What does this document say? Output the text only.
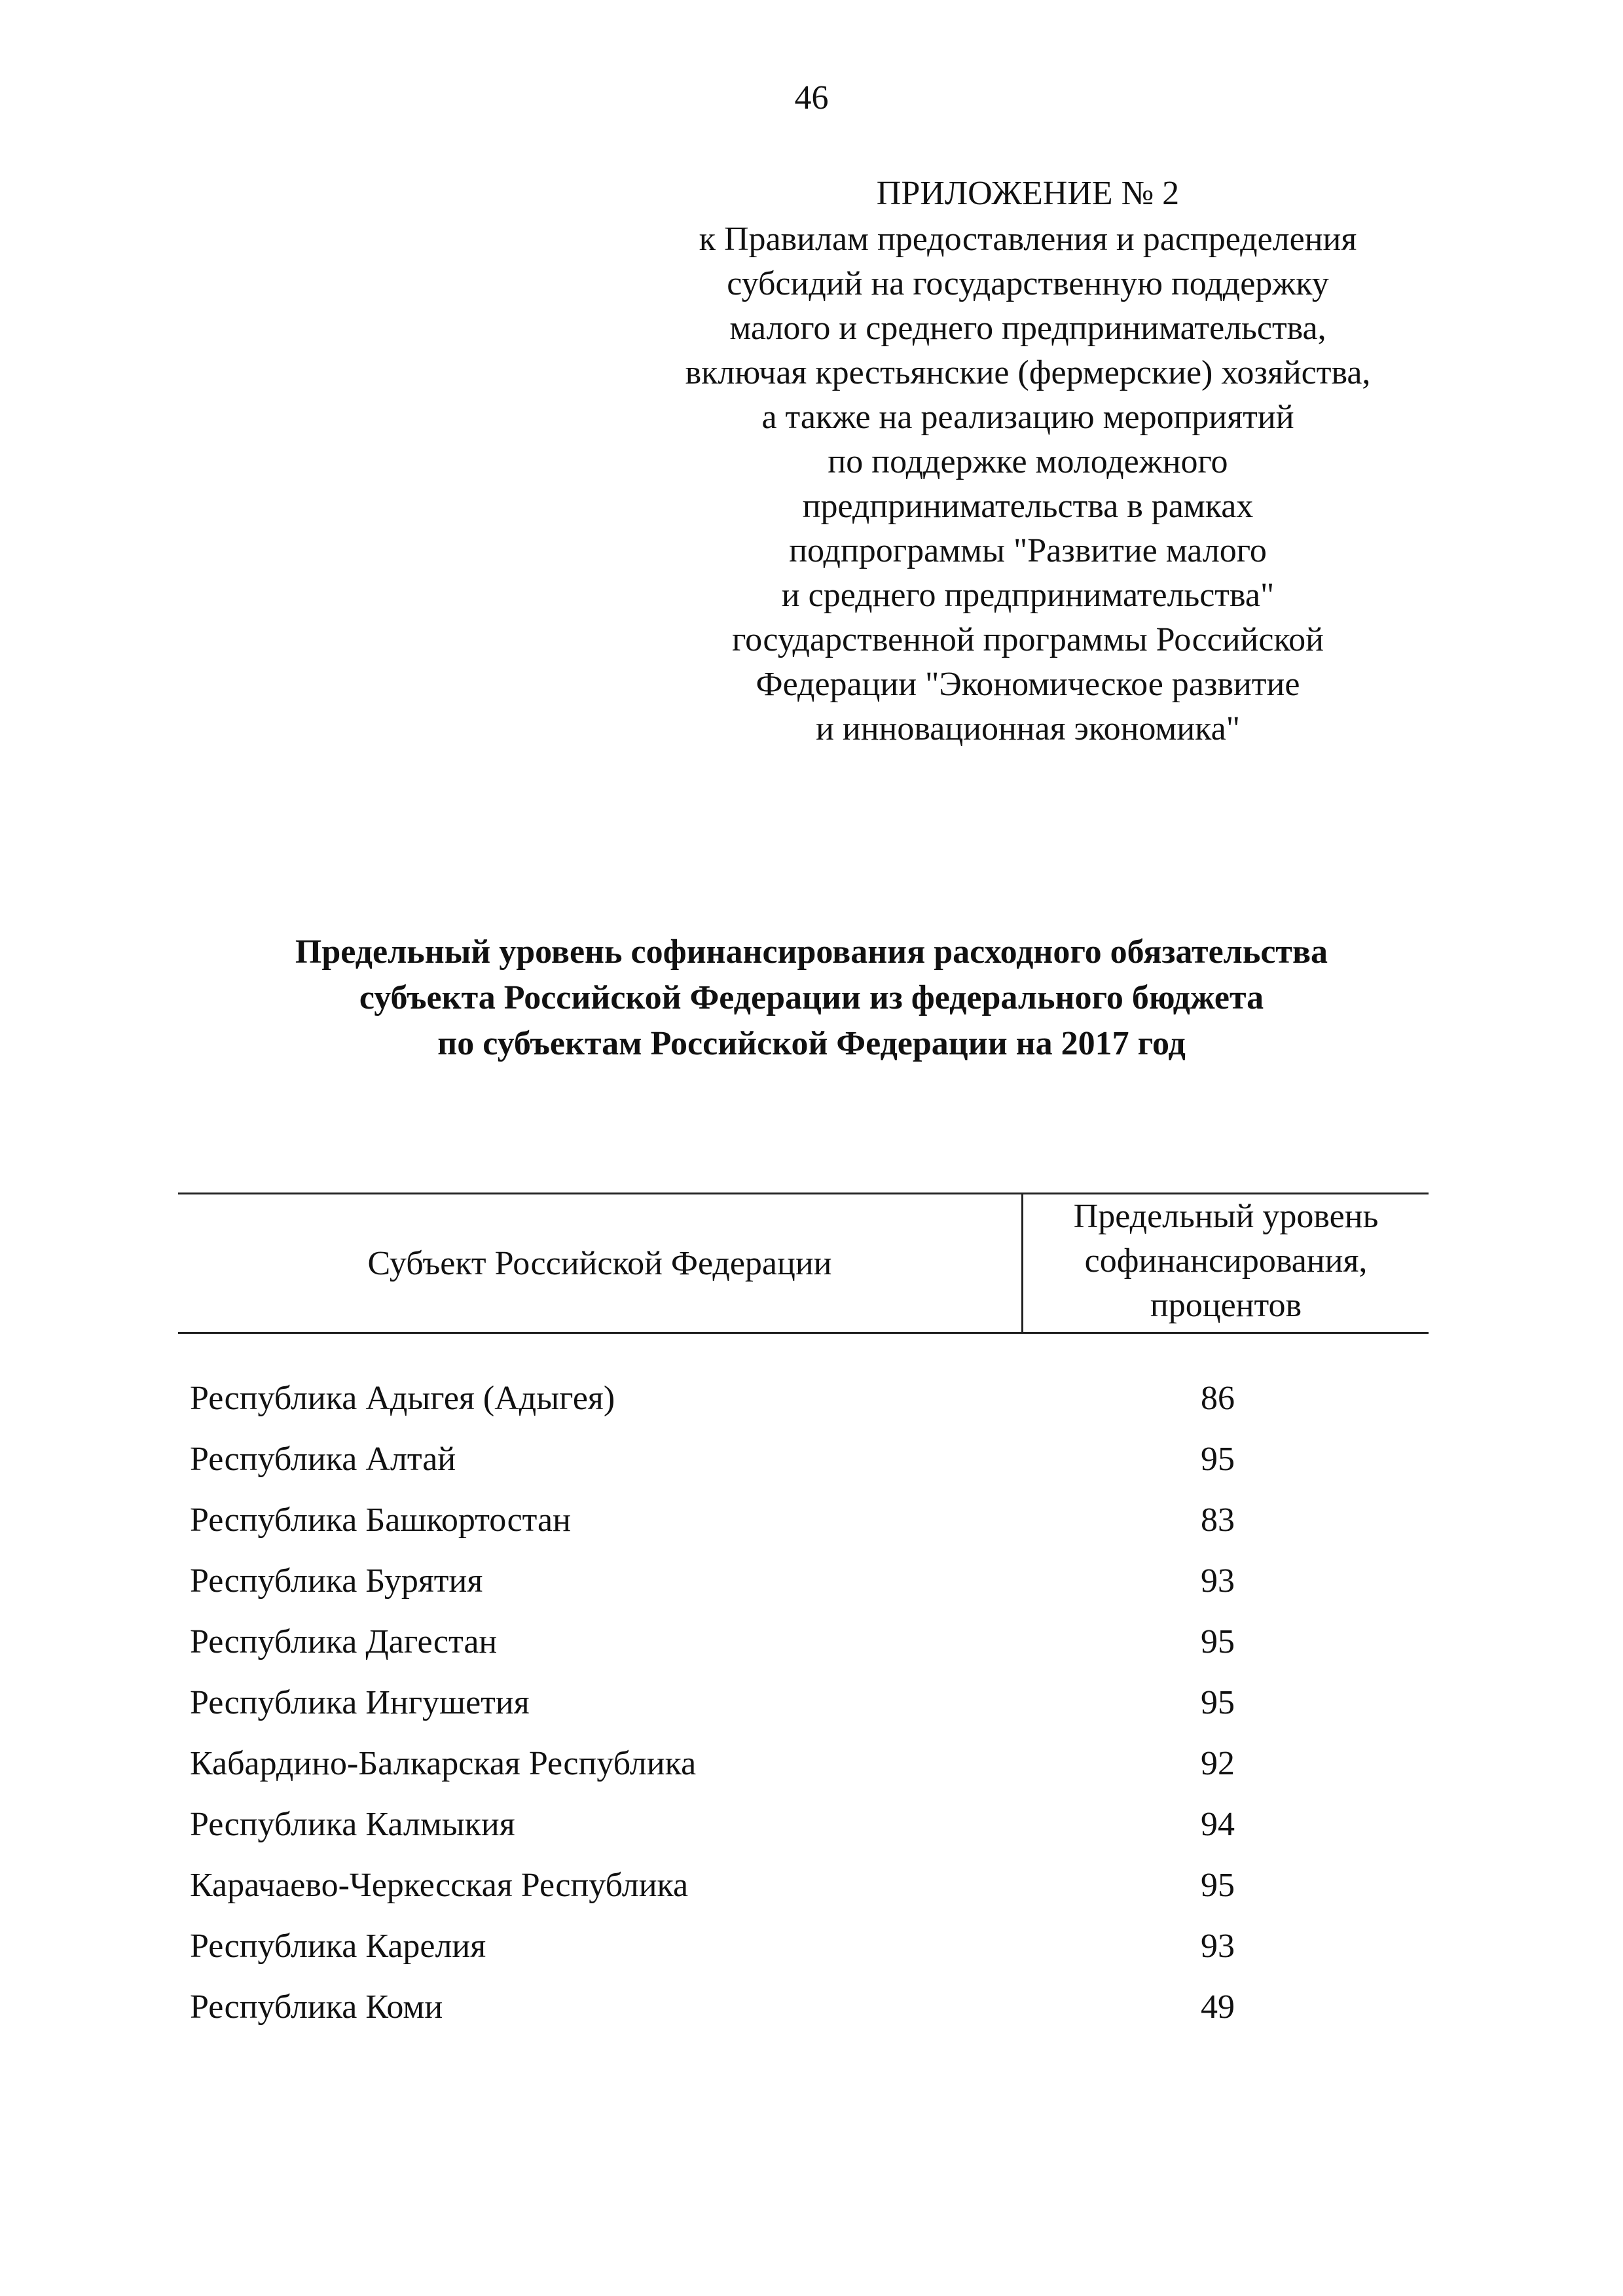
46
ПРИЛОЖЕНИЕ № 2
к Правилам предоставления и распределения
субсидий на государственную поддержку
малого и среднего предпринимательства,
включая крестьянские (фермерские) хозяйства,
а также на реализацию мероприятий
по поддержке молодежного
предпринимательства в рамках
подпрограммы "Развитие малого
и среднего предпринимательства"
государственной программы Российской
Федерации "Экономическое развитие
и инновационная экономика"
Предельный уровень софинансирования расходного обязательства
субъекта Российской Федерации из федерального бюджета
по субъектам Российской Федерации на 2017 год
Субъект Российской Федерации
Предельный уровень
софинансирования,
процентов
Республика Адыгея (Адыгея)	86
Республика Алтай	95
Республика Башкортостан	83
Республика Бурятия	93
Республика Дагестан	95
Республика Ингушетия	95
Кабардино-Балкарская Республика	92
Республика Калмыкия	94
Карачаево-Черкесская Республика	95
Республика Карелия	93
Республика Коми	49
